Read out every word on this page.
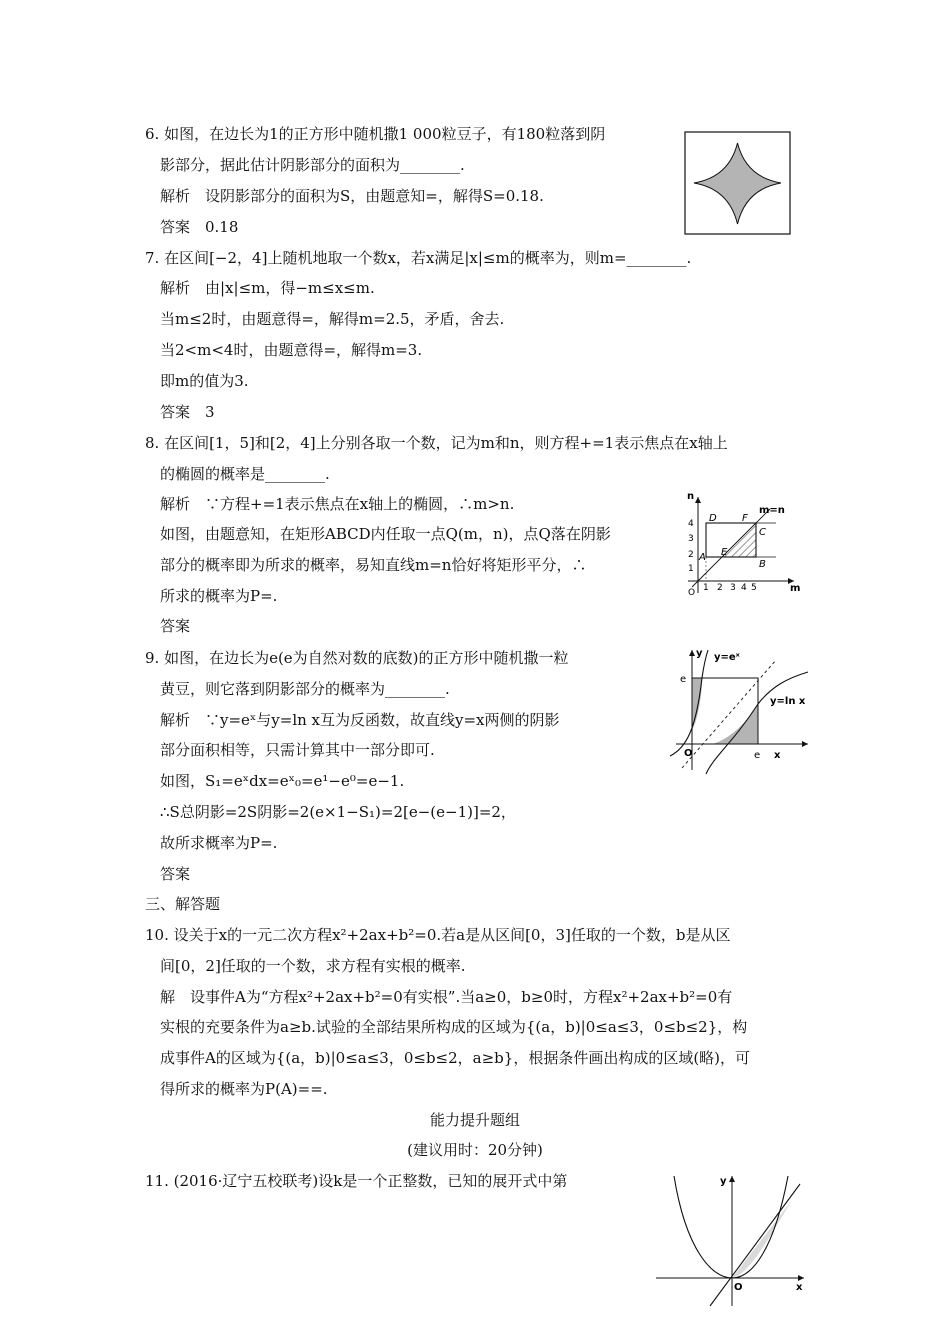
6. 如图，在边长为1的正方形中随机撒1 000粒豆子，有180粒落到阴
影部分，据此估计阴影部分的面积为________.
解析　设阴影部分的面积为S，由题意知=，解得S=0.18.
答案　0.18
7. 在区间[−2，4]上随机地取一个数x，若x满足|x|≤m的概率为，则m=________.
解析　由|x|≤m，得−m≤x≤m.
当m≤2时，由题意得=，解得m=2.5，矛盾，舍去.
当2<m<4时，由题意得=，解得m=3.
即m的值为3.
答案　3
8. 在区间[1，5]和[2，4]上分别各取一个数，记为m和n，则方程+=1表示焦点在x轴上
的椭圆的概率是________.
解析　∵方程+=1表示焦点在x轴上的椭圆，∴m>n.
如图，由题意知，在矩形ABCD内任取一点Q(m，n)，点Q落在阴影
部分的概率即为所求的概率，易知直线m=n恰好将矩形平分，∴
所求的概率为P=.
答案
9. 如图，在边长为e(e为自然对数的底数)的正方形中随机撒一粒
黄豆，则它落到阴影部分的概率为________.
解析　∵y=eˣ与y=ln x互为反函数，故直线y=x两侧的阴影
部分面积相等，只需计算其中一部分即可.
如图，S₁=eˣdx=eˣ₀=e¹−e⁰=e−1.
∴S总阴影=2S阴影=2(e×1−S₁)=2[e−(e−1)]=2，
故所求概率为P=.
答案
三、解答题
10. 设关于x的一元二次方程x²+2ax+b²=0.若a是从区间[0，3]任取的一个数，b是从区
间[0，2]任取的一个数，求方程有实根的概率.
解　设事件A为“方程x²+2ax+b²=0有实根”.当a≥0，b≥0时，方程x²+2ax+b²=0有
实根的充要条件为a≥b.试验的全部结果所构成的区域为{(a，b)|0≤a≤3，0≤b≤2}，构
成事件A的区域为{(a，b)|0≤a≤3，0≤b≤2，a≥b}，根据条件画出构成的区域(略)，可
得所求的概率为P(A)==.
能力提升题组
(建议用时：20分钟)
11. (2016·辽宁五校联考)设k是一个正整数，已知的展开式中第
m=n
n
m
O
4
3
2
1
1 2 3 4 5
A
B
C
D
E
F
y=eˣ
y=ln x
y
x
O
e
e
y
x
O
